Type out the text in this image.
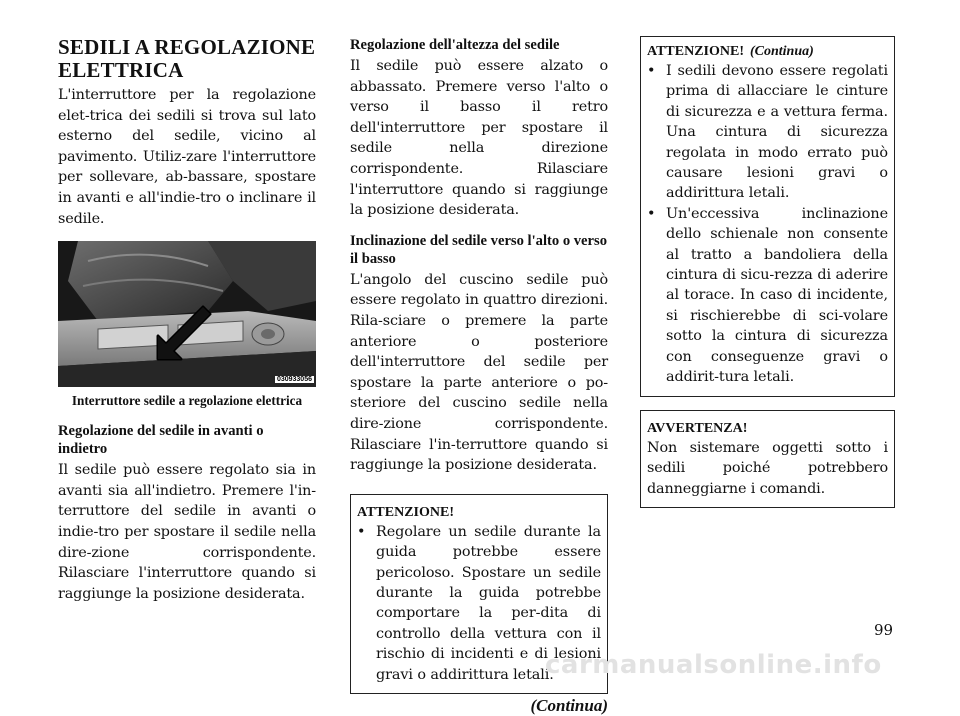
SEDILI A REGOLAZIONE ELETTRICA

L'interruttore per la regolazione elet-trica dei sedili si trova sul lato esterno del sedile, vicino al pavimento. Utiliz-zare l'interruttore per sollevare, ab-bassare, spostare in avanti e all'indie-tro o inclinare il sedile.

030933056
Interruttore sedile a regolazione elettrica
Regolazione del sedile in avanti o indietro

Il sedile può essere regolato sia in avanti sia all'indietro. Premere l'in-terruttore del sedile in avanti o indie-tro per spostare il sedile nella dire-zione corrispondente. Rilasciare l'interruttore quando si raggiunge la posizione desiderata.

Regolazione dell'altezza del sedile

Il sedile può essere alzato o abbassato. Premere verso l'alto o verso il basso il retro dell'interruttore per spostare il sedile nella direzione corrispondente. Rilasciare l'interruttore quando si raggiunge la posizione desiderata.

Inclinazione del sedile verso l'alto o verso il basso

L'angolo del cuscino sedile può essere regolato in quattro direzioni. Rila-sciare o premere la parte anteriore o posteriore dell'interruttore del sedile per spostare la parte anteriore o po-steriore del cuscino sedile nella dire-zione corrispondente. Rilasciare l'in-terruttore quando si raggiunge la posizione desiderata.

ATTENZIONE!
• Regolare un sedile durante la guida potrebbe essere pericoloso. Spostare un sedile durante la guida potrebbe comportare la per-dita di controllo della vettura con il rischio di incidenti e di lesioni gravi o addirittura letali.
(Continua)
ATTENZIONE! (Continua)
• I sedili devono essere regolati prima di allacciare le cinture di sicurezza e a vettura ferma. Una cintura di sicurezza regolata in modo errato può causare lesioni gravi o addirittura letali.
• Un'eccessiva inclinazione dello schienale non consente al tratto a bandoliera della cintura di sicu-rezza di aderire al torace. In caso di incidente, si rischierebbe di sci-volare sotto la cintura di sicurezza con conseguenze gravi o addirit-tura letali.
AVVERTENZA!

Non sistemare oggetti sotto i sedili poiché potrebbero danneggiarne i comandi.

99
carmanualsonline.info
